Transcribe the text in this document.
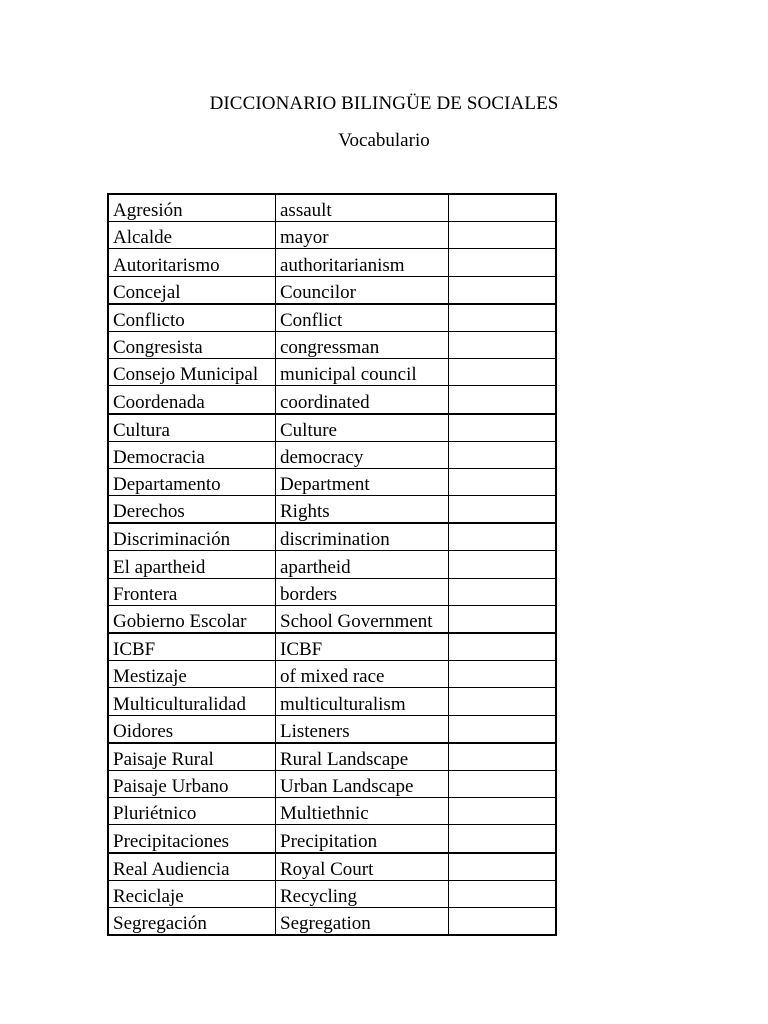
DICCIONARIO BILINGÜE DE SOCIALES
Vocabulario
Agresión	assault	
Alcalde	mayor	
Autoritarismo	authoritarianism	
Concejal	Councilor	
Conflicto	Conflict	
Congresista	congressman	
Consejo Municipal	municipal council	
Coordenada	coordinated	
Cultura	Culture	
Democracia	democracy	
Departamento	Department	
Derechos	Rights	
Discriminación	discrimination	
El apartheid	apartheid	
Frontera	borders	
Gobierno Escolar	School Government	
ICBF	ICBF	
Mestizaje	of mixed race	
Multiculturalidad	multiculturalism	
Oidores	Listeners	
Paisaje Rural	Rural Landscape	
Paisaje Urbano	Urban Landscape	
Pluriétnico	Multiethnic	
Precipitaciones	Precipitation	
Real Audiencia	Royal Court	
Reciclaje	Recycling	
Segregación	Segregation	
